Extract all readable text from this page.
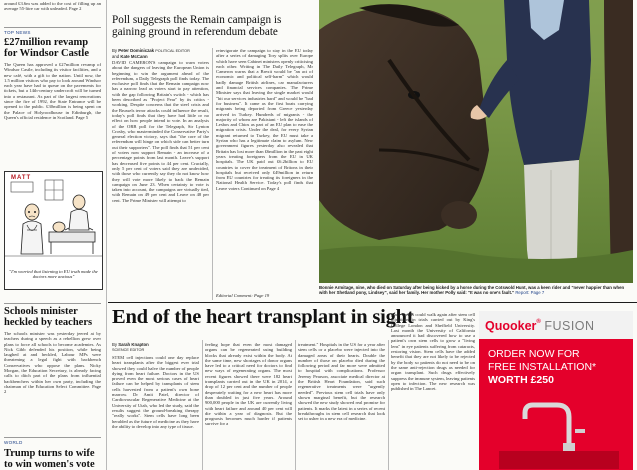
around £3.6m was added to the cost of filling up an average 55-litre car with unleaded. Page 2
TOP NEWS
£27million revamp for Windsor Castle
The Queen has approved a £27million revamp of Windsor Castle, including its visitor facilities, and a new café, with a gift to the nation. Until now, the 1.5 million visitors who pay to look around Windsor each year have had to queue on the pavements for tickets, but a 14th-century undercroft will be turned into a restaurant. As part of the largest renovations since the fire of 1992, the State Entrance will be opened to the public. £30million is being spent on the Palace of Holyroodhouse in Edinburgh, the Queen's official residence in Scotland. Page 5
MATT
"I'm worried that listening to EU truth made the doctors more anxious"
Schools minister heckled by teachers
The schools minister was yesterday jeered at by teachers during a speech as a rebellion grew over plans to force all schools to become academies. As Nick Gibb defended his position, while being laughed at and heckled, Labour MPs were threatening a legal fight with backbench Conservatives who oppose the plans. Nicky Morgan, the Education Secretary, is already facing calls to ditch part of the plans from influential backbenchers within her own party, including the chairman of the Education Select Committee. Page 2
WORLD
Trump turns to wife to win women's vote
Poll suggests the Remain campaign is gaining ground in referendum debate
By Peter Dominiczak POLITICAL EDITOR
and Kate McCann
DAVID CAMERON'S campaign to warn voters about the dangers of leaving the European Union is beginning to win the argument ahead of the referendum, a Daily Telegraph poll finds today. The exclusive poll finds that the Remain campaign now has a narrow lead as voters start to pay attention, with the gap following Britain's switch - which has been described as "Project Fear" by its critics - working. Despite concerns that the steel crisis and the Brussels terror attacks could influence the result, today's poll finds that they have had little or no effect on how people intend to vote. In an analysis of the ORB poll for the Telegraph, Sir Lynton Crosby, who masterminded the Conservative Party's general election victory, says that "the core of the referendum will hinge on which side can better turn out their supporters". The poll finds that 51 per cent of voters now support Remain - an increase of a percentage points from last month. Leave's support has decreased five points to 44 per cent. Crucially, only 5 per cent of voters said they are undecided, with those who currently say they do not know how they will vote more likely to back the Remain campaign on June 23. When certainty to vote is taken into account, the campaigns are virtually tied, with Remain on 49 per cent and Leave on 48 per cent. The Prime Minister will attempt to
reinvigorate the campaign to stay in the EU today after a series of damaging Tory splits over Europe which have seen Cabinet ministers openly criticising each other. Writing in The Daily Telegraph, Mr Cameron warns that a Brexit would be "an act of economic and political self-harm" which would badly damage British airlines, car manufacturers and financial services companies. The Prime Minister says that leaving the single market would "hit our services industries hard" and would be "bad for business". It came as the first boats carrying migrants being deported from Greece yesterday arrived in Turkey. Hundreds of migrants - the majority of whom are Pakistani - left the islands of Lesbos and Chios as part of an EU plan to ease the migration crisis. Under the deal, for every Syrian migrant returned to Turkey, the EU must take a Syrian who has a legitimate claim to asylum. New government figures yesterday also revealed that Britain has lost more than £6million in the past eight years treating foreigners from the EU in UK hospitals. The UK paid out £6.2billion to EU countries to cover the treatment of Britons in their hospitals but received only £49million in return from EU countries for treating its foreigners in the National Health Service. Today's poll finds that Leave voters Continued on Page 4
Editorial Comment: Page 19
Bonnie Armitage, nine, who died on Saturday after being kicked by a horse during the Cotswold Hunt, was a keen rider and "never happier than when with her Shetland pony, Lindsey", said her family. Her mother Polly said: "It was no one's fault." Report: Page 7
End of the heart transplant in sight
By Sarah Knapton
SCIENCE EDITOR
STEM cell injections could one day replace heart transplants after the biggest ever trial showed they could halve the number of people dying from heart failure. Doctors in the US proved even the most serious cases of heart failure can be helped by transplants of stem cells harvested from a patient's own bone marrow. Dr Amit Patel, director of Cardiovascular Regenerative Medicine at the University of Utah, who led the study, said the results suggest the ground-breaking therapy "really works". Stem cells have long been heralded as the future of medicine as they have the ability to develop into any type of tissue.
feeling hope that even the most damaged organs can be regenerated using building blocks that already exist within the body. At the same time, new shortages of donor organs have led to a critical need for doctors to find new ways of regenerating organs. The most recent figures showed there were 182 heart transplants carried out in the UK in 2014, a drop of 12 per cent and the number of people desperately waiting for a new heart has more than doubled in just five years. Around 900,000 people in the UK are currently living with heart failure and around 40 per cent will die within a year of diagnosis. But the prognosis becomes much harder if patients survive for a
treatment." Hospitals in the US for a year after stem cells or a placebo were injected into the damaged areas of their hearts. Double the number of those on placebo died during the following period and far more were admitted to hospital with complications. Professor Jeremy Pearson, associate medical director at the British Heart Foundation, said such regenerative treatments were "urgently needed". Previous stem cell trials have only shown marginal benefit, but the research showed the new study showed real promise for patients. It marks the latest in a series of recent breakthroughs in stem cell research that look set to usher in a new era of medicine.
place breaks could walk again after stem cell injections in trials carried out by King's College London and Sheffield University. Last month the University of California announced it had discovered how to use a patient's own stem cells to grow a "living lens" in eye patients suffering from cataracts, restoring vision. Stem cells have the added benefit that they are not likely to be rejected by the body so patients do not need to be on the same anti-rejection drugs as needed for organ transplant. Such drugs effectively suppress the immune system, leaving patients open to infection. The new research was published in The Lancet.
Quooker® FUSION
ORDER NOW FOR
FREE INSTALLATION*
WORTH £250
